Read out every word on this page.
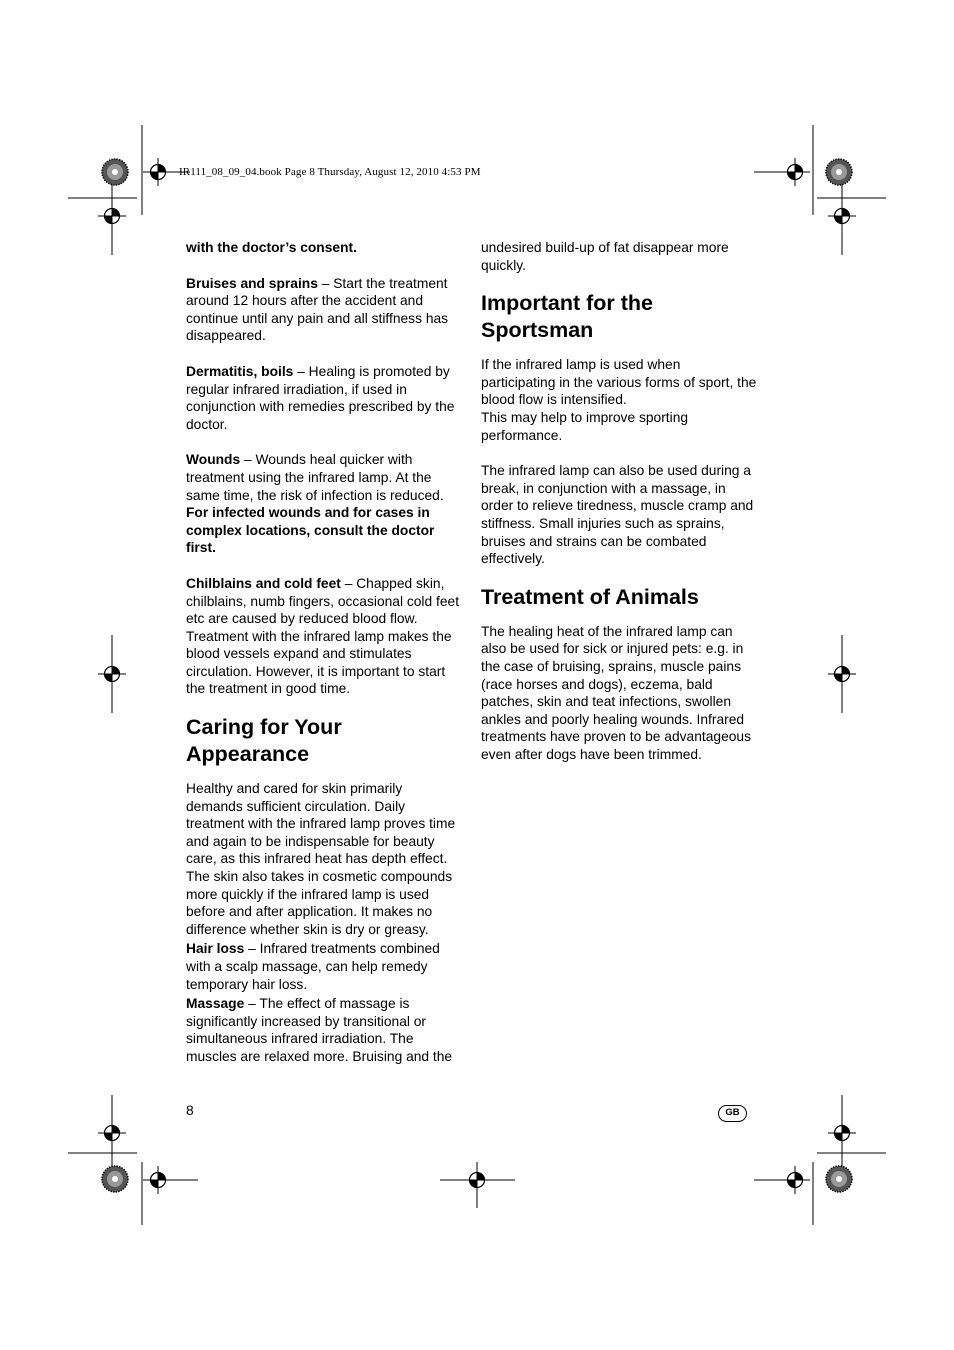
IR111_08_09_04.book Page 8 Thursday, August 12, 2010 4:53 PM

with the doctor’s consent.

Bruises and sprains – Start the treatment around 12 hours after the accident and continue until any pain and all stiffness has disappeared.

Dermatitis, boils – Healing is promoted by regular infrared irradiation, if used in conjunction with remedies prescribed by the doctor.

Wounds – Wounds heal quicker with treatment using the infrared lamp. At the same time, the risk of infection is reduced. For infected wounds and for cases in complex locations, consult the doctor first.

Chilblains and cold feet – Chapped skin, chilblains, numb fingers, occasional cold feet etc are caused by reduced blood flow. Treatment with the infrared lamp makes the blood vessels expand and stimulates circulation. However, it is important to start the treatment in good time.

Caring for Your Appearance

Healthy and cared for skin primarily demands sufficient circulation. Daily treatment with the infrared lamp proves time and again to be indispensable for beauty care, as this infrared heat has depth effect.

The skin also takes in cosmetic compounds more quickly if the infrared lamp is used before and after application. It makes no difference whether skin is dry or greasy.

Hair loss – Infrared treatments combined with a scalp massage, can help remedy temporary hair loss.

Massage – The effect of massage is significantly increased by transitional or simultaneous infrared irradiation. The muscles are relaxed more. Bruising and the

undesired build-up of fat disappear more quickly.

Important for the Sportsman

If the infrared lamp is used when participating in the various forms of sport, the blood flow is intensified.

This may help to improve sporting performance.

The infrared lamp can also be used during a break, in conjunction with a massage, in order to relieve tiredness, muscle cramp and stiffness. Small injuries such as sprains, bruises and strains can be combated effectively.

Treatment of Animals

The healing heat of the infrared lamp can also be used for sick or injured pets: e.g. in the case of bruising, sprains, muscle pains (race horses and dogs), eczema, bald patches, skin and teat infections, swollen ankles and poorly healing wounds. Infrared treatments have proven to be advantageous even after dogs have been trimmed.

8	GB
